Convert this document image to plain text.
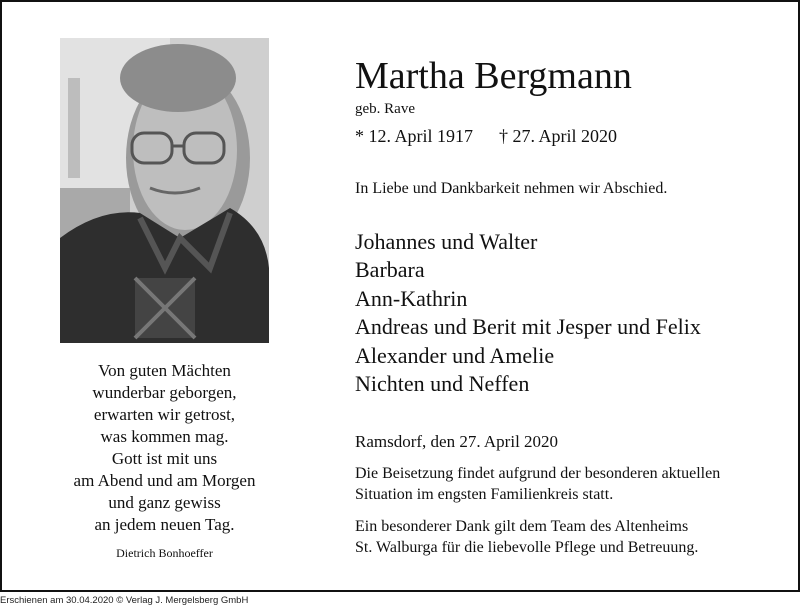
Von guten Mächten
wunderbar geborgen,
erwarten wir getrost,
was kommen mag.
Gott ist mit uns
am Abend und am Morgen
und ganz gewiss
an jedem neuen Tag.
Dietrich Bonhoeffer
Martha Bergmann
geb. Rave
* 12. April 1917 † 27. April 2020
In Liebe und Dankbarkeit nehmen wir Abschied.
Johannes und Walter
Barbara
Ann-Kathrin
Andreas und Berit mit Jesper und Felix
Alexander und Amelie
Nichten und Neffen
Ramsdorf, den 27. April 2020
Die Beisetzung findet aufgrund der besonderen aktuellen
Situation im engsten Familienkreis statt.
Ein besonderer Dank gilt dem Team des Altenheims
St. Walburga für die liebevolle Pflege und Betreuung.
Erschienen am 30.04.2020 © Verlag J. Mergelsberg GmbH
